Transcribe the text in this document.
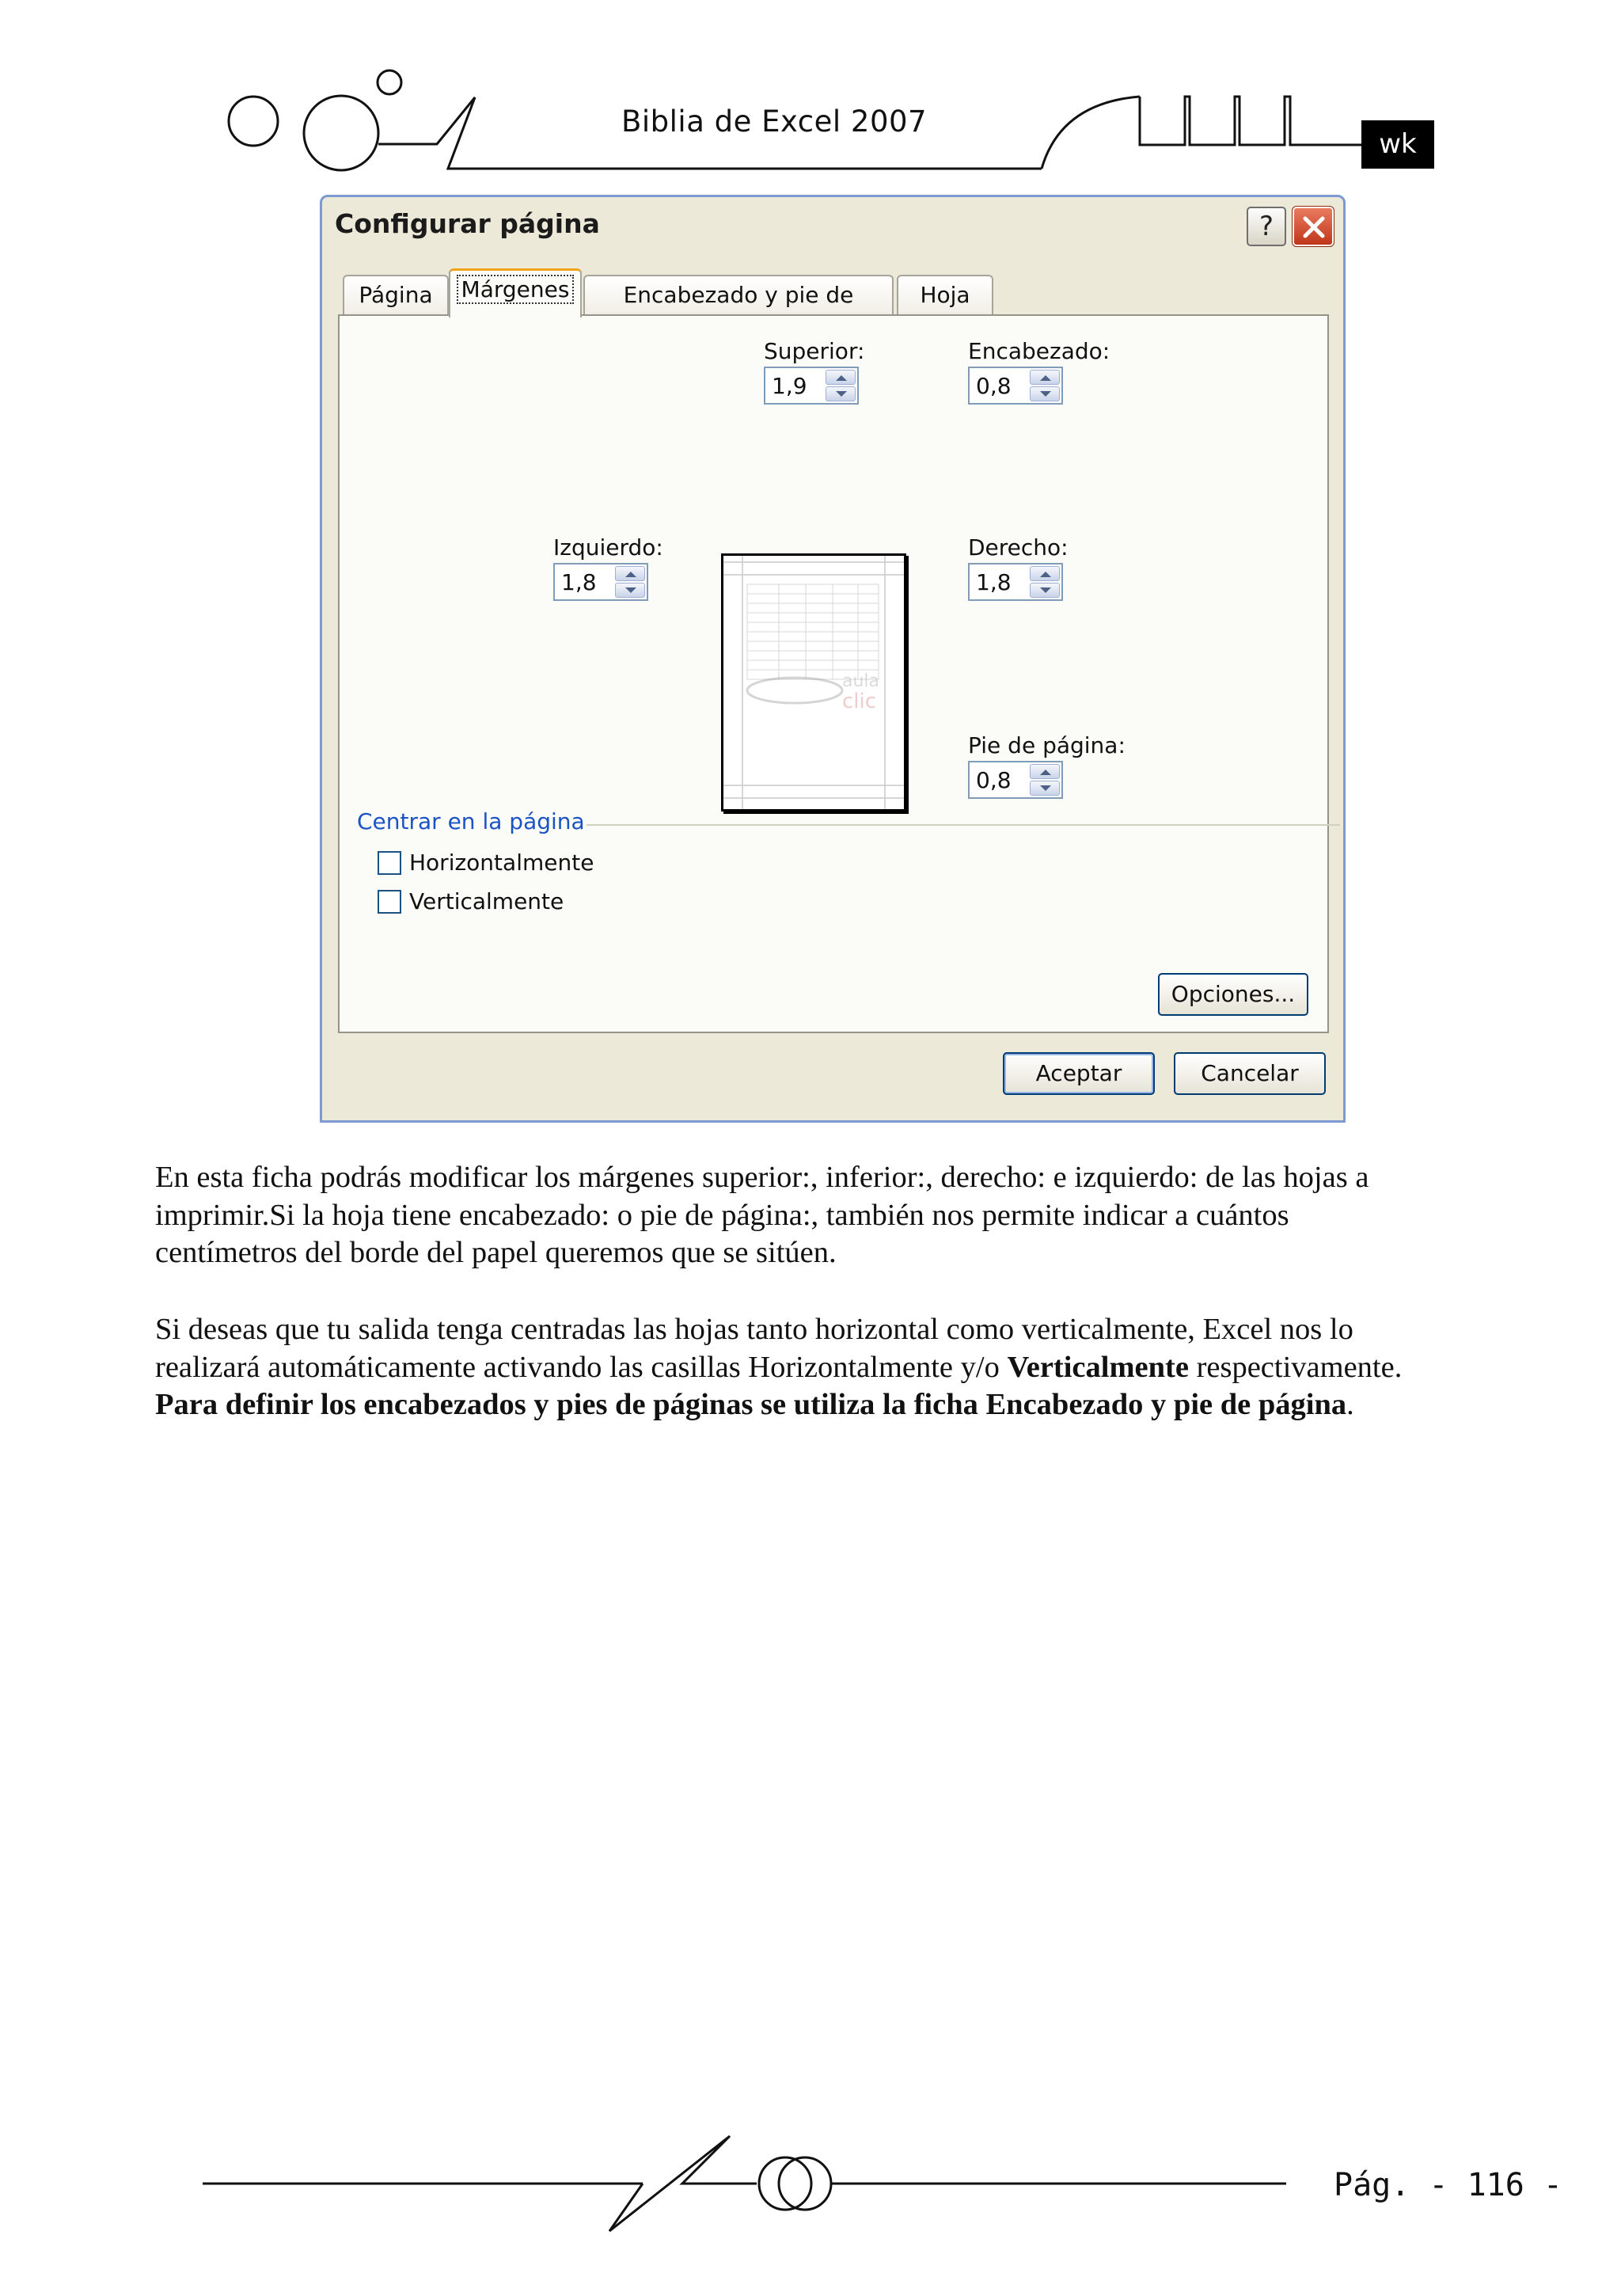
Biblia de Excel 2007
wk
Configurar página	?
Página	Márgenes	Encabezado y pie de	Hoja
Superior:
1,9
Encabezado:
0,8
Izquierdo:
1,8
Derecho:
1,8
Pie de página:
0,8
aula
clic
Centrar en la página
Horizontalmente
Verticalmente
Opciones...
Aceptar	Cancelar
En esta ficha podrás modificar los márgenes superior:, inferior:, derecho: e izquierdo: de las hojas a
imprimir.Si la hoja tiene encabezado: o pie de página:, también nos permite indicar a cuántos
centímetros del borde del papel queremos que se sitúen.
Si deseas que tu salida tenga centradas las hojas tanto horizontal como verticalmente, Excel nos lo
realizará automáticamente activando las casillas Horizontalmente y/o Verticalmente respectivamente.
Para definir los encabezados y pies de páginas se utiliza la ficha Encabezado y pie de página.
Pág. - 116 -
